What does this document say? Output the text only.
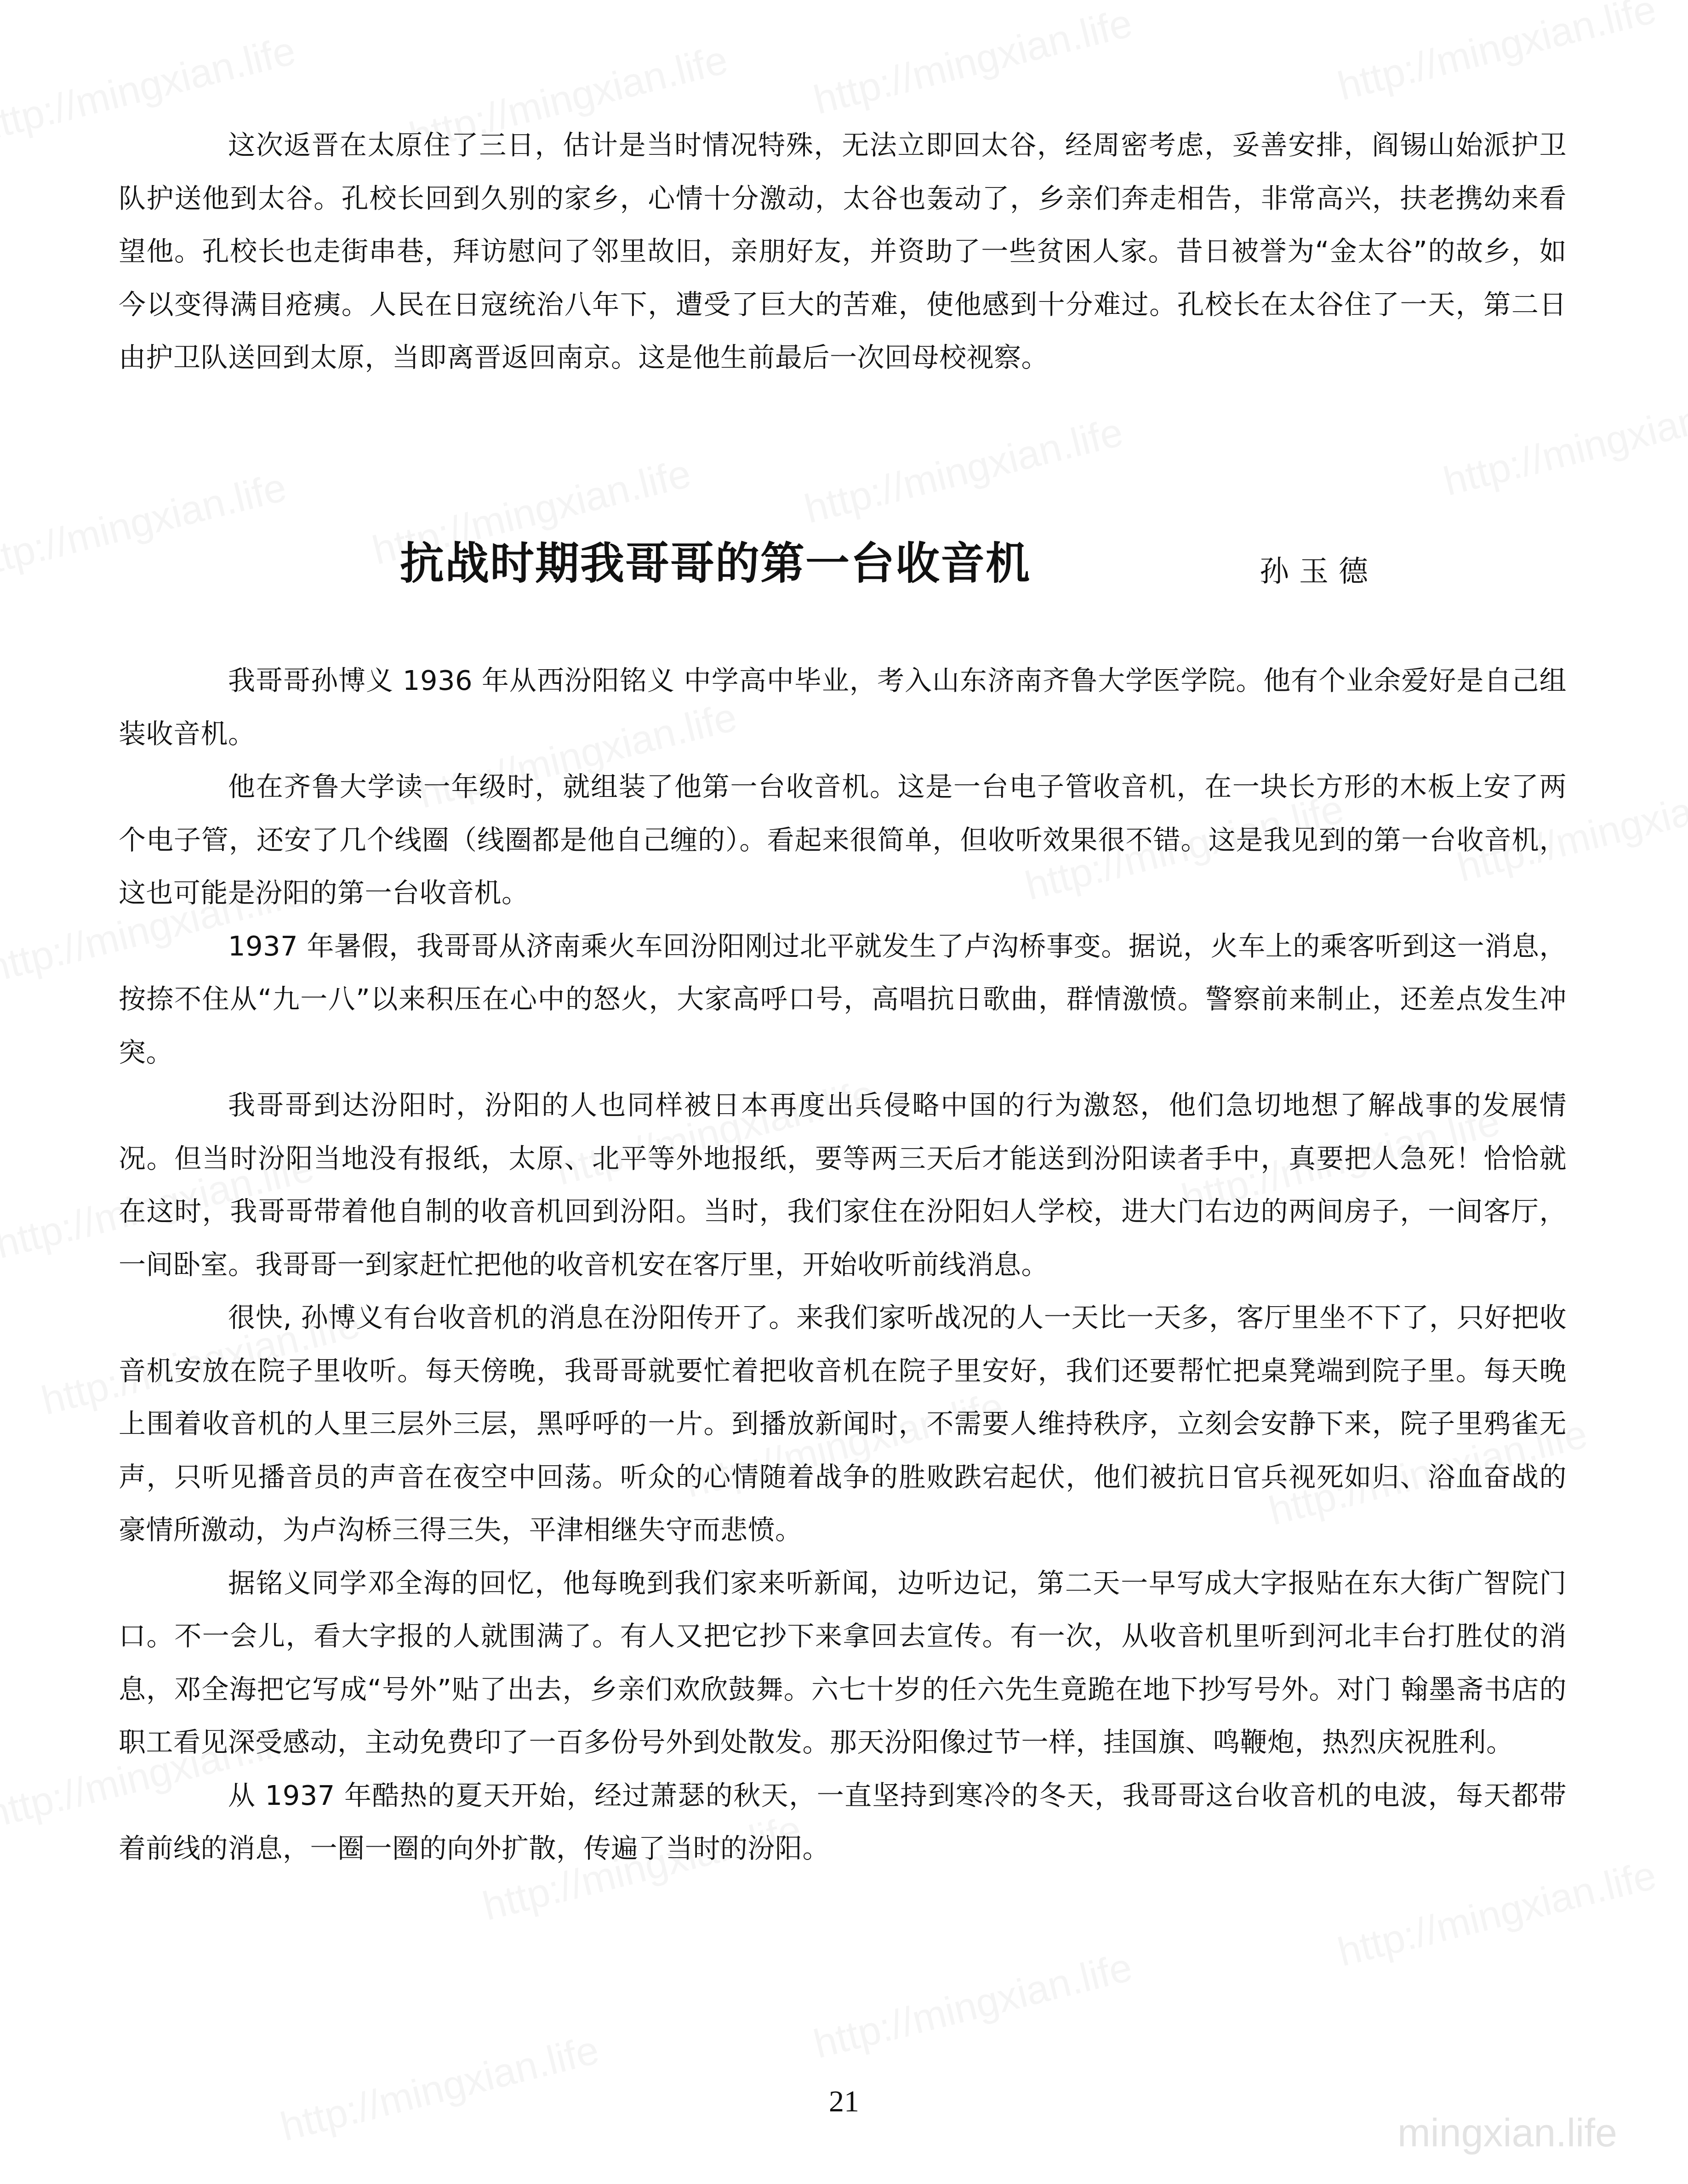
这次返晋在太原住了三日，估计是当时情况特殊，无法立即回太谷，经周密考虑，妥善安排，阎锡山始派护卫队护送他到太谷。孔校长回到久别的家乡，心情十分激动，太谷也轰动了，乡亲们奔走相告，非常高兴，扶老携幼来看望他。孔校长也走街串巷，拜访慰问了邻里故旧，亲朋好友，并资助了一些贫困人家。昔日被誉为“金太谷”的故乡，如今以变得满目疮痍。人民在日寇统治八年下，遭受了巨大的苦难，使他感到十分难过。孔校长在太谷住了一天，第二日由护卫队送回到太原，当即离晋返回南京。这是他生前最后一次回母校视察。

抗战时期我哥哥的第一台收音机	孙玉德

我哥哥孙博义 1936 年从西汾阳铭义 中学高中毕业，考入山东济南齐鲁大学医学院。他有个业余爱好是自己组装收音机。

他在齐鲁大学读一年级时，就组装了他第一台收音机。这是一台电子管收音机，在一块长方形的木板上安了两个电子管，还安了几个线圈（线圈都是他自己缠的）。看起来很简单，但收听效果很不错。这是我见到的第一台收音机，这也可能是汾阳的第一台收音机。

1937 年暑假，我哥哥从济南乘火车回汾阳刚过北平就发生了卢沟桥事变。据说，火车上的乘客听到这一消息，按捺不住从“九一八”以来积压在心中的怒火，大家高呼口号，高唱抗日歌曲，群情激愤。警察前来制止，还差点发生冲突。

我哥哥到达汾阳时，汾阳的人也同样被日本再度出兵侵略中国的行为激怒，他们急切地想了解战事的发展情况。但当时汾阳当地没有报纸，太原、北平等外地报纸，要等两三天后才能送到汾阳读者手中，真要把人急死！恰恰就在这时，我哥哥带着他自制的收音机回到汾阳。当时，我们家住在汾阳妇人学校，进大门右边的两间房子，一间客厅，一间卧室。我哥哥一到家赶忙把他的收音机安在客厅里，开始收听前线消息。

很快, 孙博义有台收音机的消息在汾阳传开了。来我们家听战况的人一天比一天多，客厅里坐不下了，只好把收音机安放在院子里收听。每天傍晚，我哥哥就要忙着把收音机在院子里安好，我们还要帮忙把桌凳端到院子里。每天晚上围着收音机的人里三层外三层，黑呼呼的一片。到播放新闻时，不需要人维持秩序，立刻会安静下来，院子里鸦雀无声，只听见播音员的声音在夜空中回荡。听众的心情随着战争的胜败跌宕起伏，他们被抗日官兵视死如归、浴血奋战的豪情所激动，为卢沟桥三得三失，平津相继失守而悲愤。

据铭义同学邓全海的回忆，他每晚到我们家来听新闻，边听边记，第二天一早写成大字报贴在东大街广智院门口。不一会儿，看大字报的人就围满了。有人又把它抄下来拿回去宣传。有一次，从收音机里听到河北丰台打胜仗的消息，邓全海把它写成“号外”贴了出去，乡亲们欢欣鼓舞。六七十岁的任六先生竟跪在地下抄写号外。对门 翰墨斋书店的职工看见深受感动，主动免费印了一百多份号外到处散发。那天汾阳像过节一样，挂国旗、鸣鞭炮，热烈庆祝胜利。

从 1937 年酷热的夏天开始，经过萧瑟的秋天，一直坚持到寒冷的冬天，我哥哥这台收音机的电波，每天都带着前线的消息，一圈一圈的向外扩散，传遍了当时的汾阳。

21
mingxian.life
